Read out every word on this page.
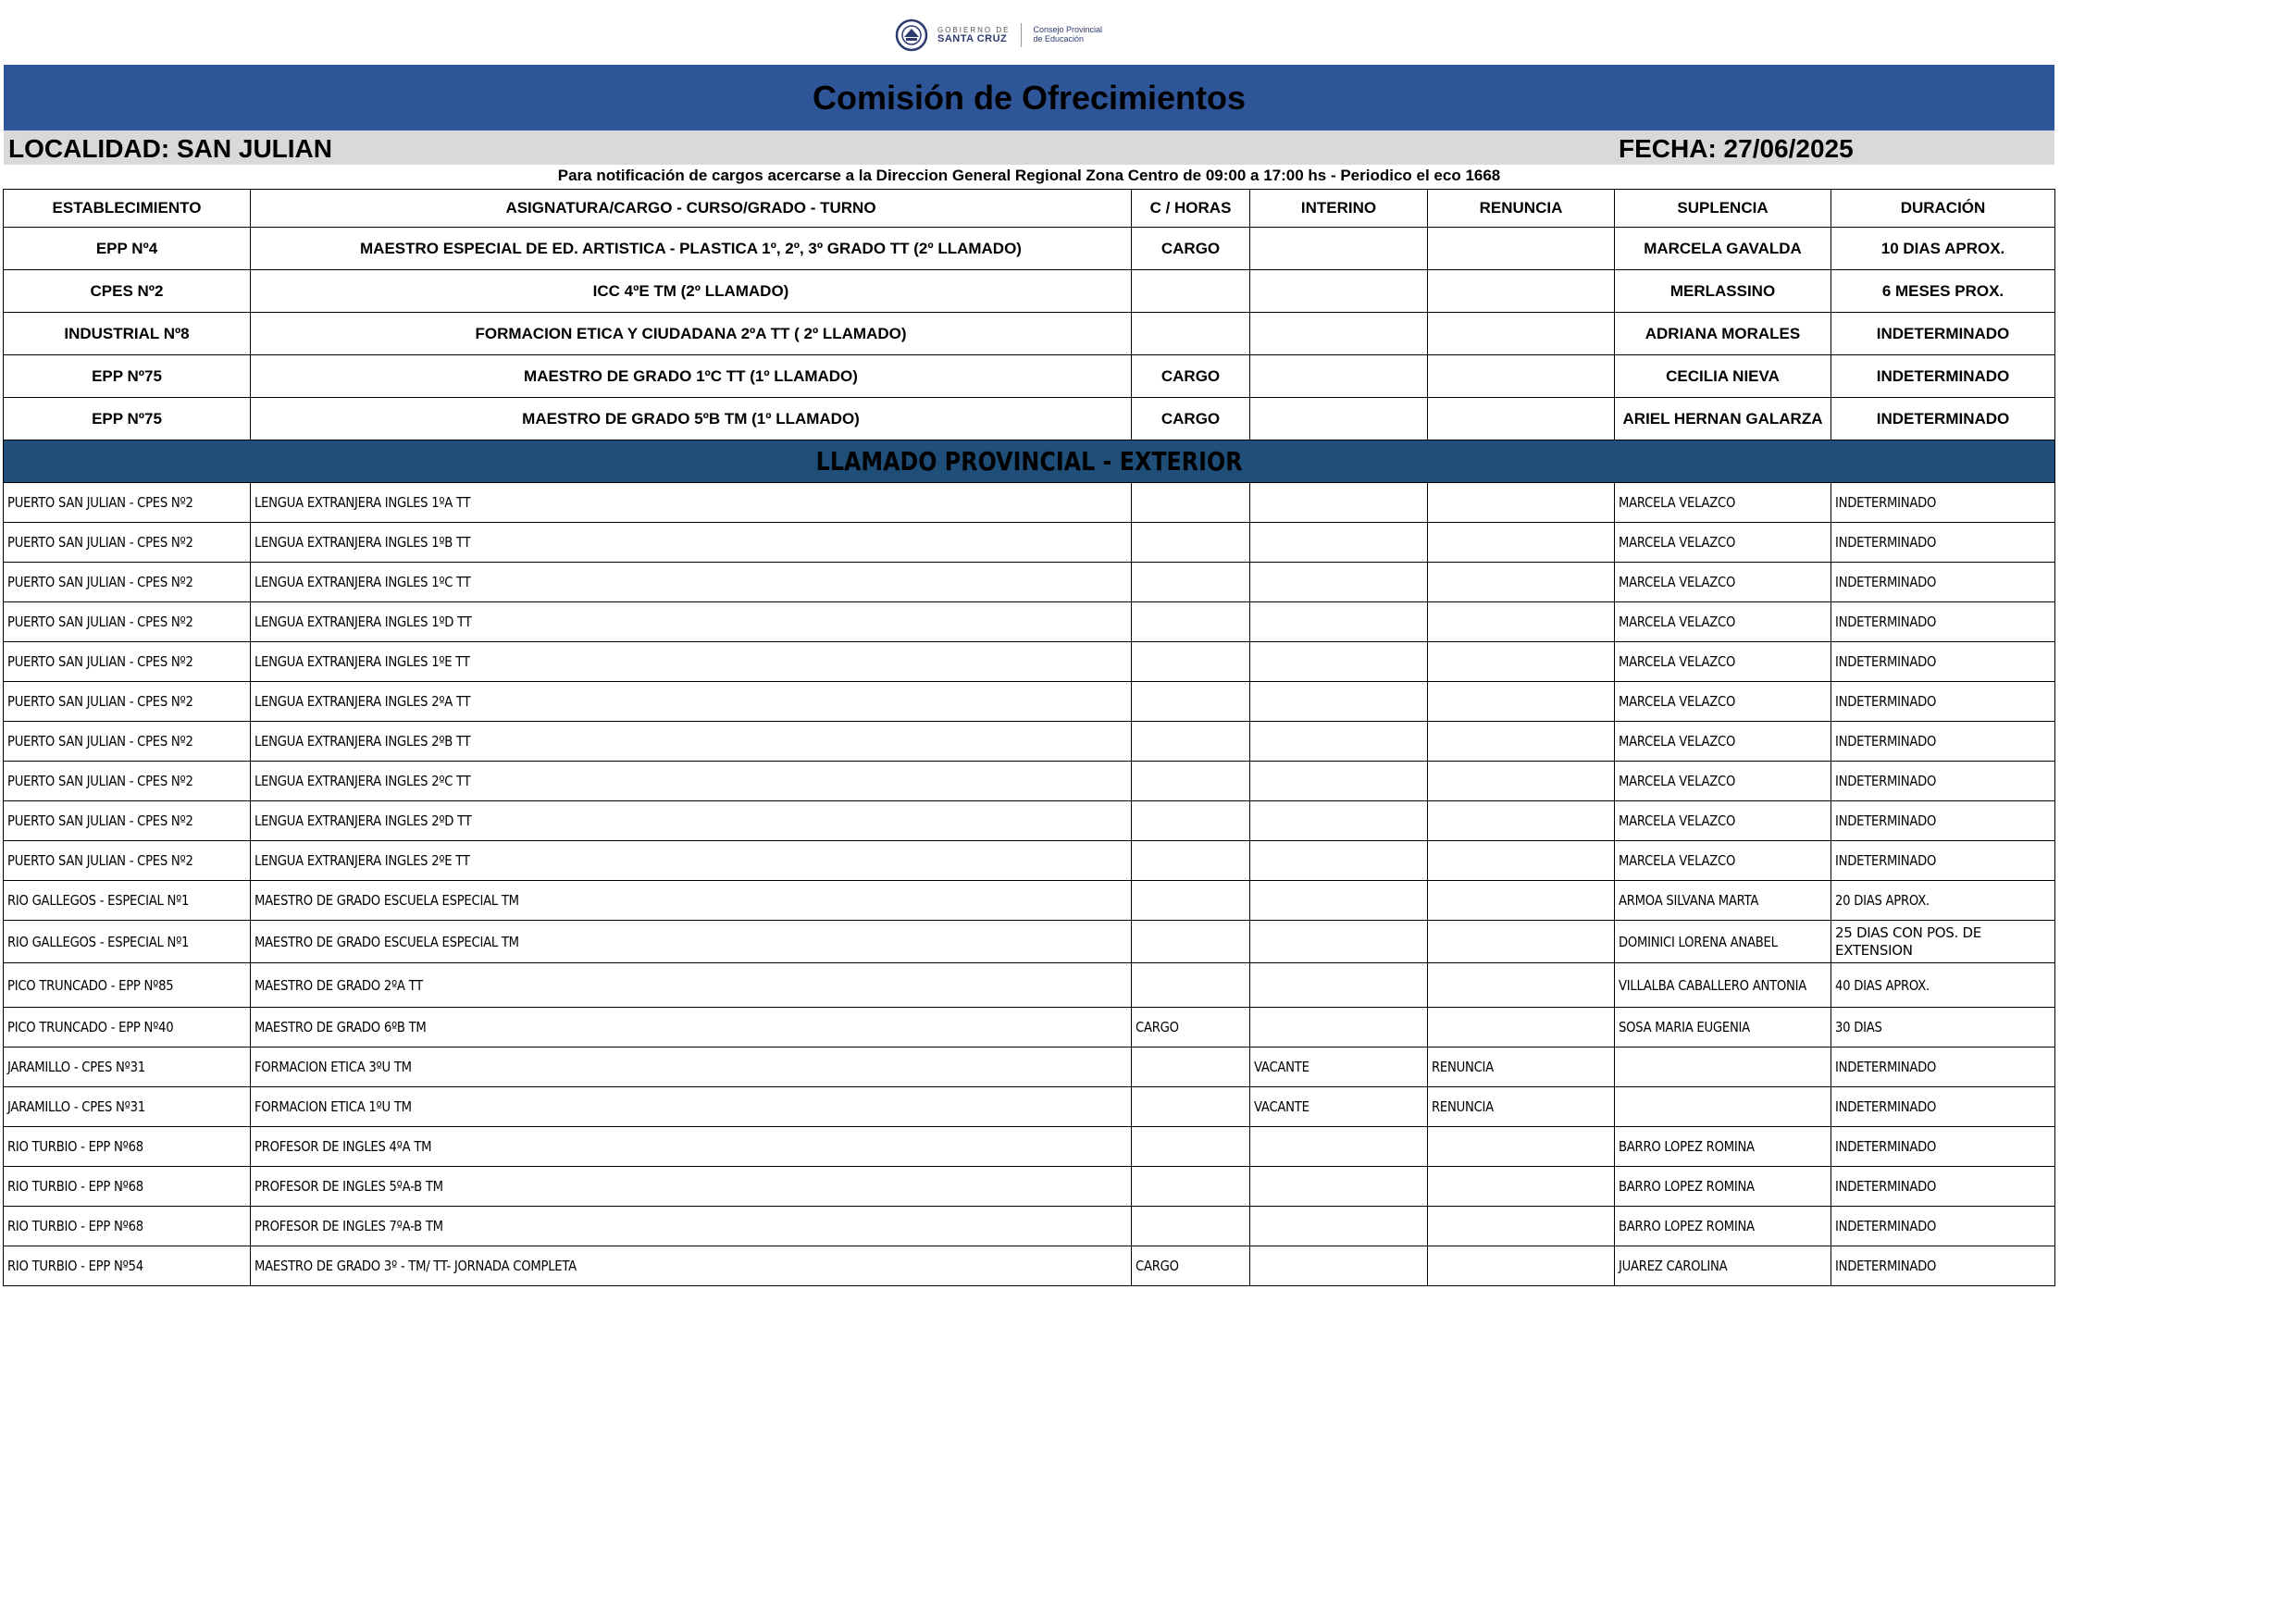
GOBIERNO DE
SANTA CRUZ
Consejo Provincial
de Educación
Comisión de Ofrecimientos
LOCALIDAD: SAN JULIAN	FECHA: 27/06/2025
Para notificación de cargos acercarse a la Direccion General Regional Zona Centro de 09:00 a 17:00 hs - Periodico el eco 1668
ESTABLECIMIENTO	ASIGNATURA/CARGO - CURSO/GRADO - TURNO	C / HORAS	INTERINO	RENUNCIA	SUPLENCIA	DURACIÓN
EPP Nº4	MAESTRO ESPECIAL DE ED. ARTISTICA - PLASTICA 1º, 2º, 3º GRADO TT (2º LLAMADO)	CARGO			MARCELA GAVALDA	10 DIAS APROX.
CPES Nº2	ICC 4ºE TM (2º LLAMADO)				MERLASSINO	6 MESES PROX.
INDUSTRIAL Nº8	FORMACION ETICA Y CIUDADANA 2ºA TT ( 2º LLAMADO)				ADRIANA MORALES	INDETERMINADO
EPP Nº75	MAESTRO DE GRADO 1ºC TT (1º LLAMADO)	CARGO			CECILIA NIEVA	INDETERMINADO
EPP Nº75	MAESTRO DE GRADO 5ºB TM (1º LLAMADO)	CARGO			ARIEL HERNAN GALARZA	INDETERMINADO
LLAMADO PROVINCIAL - EXTERIOR						
PUERTO SAN JULIAN - CPES Nº2	LENGUA EXTRANJERA INGLES 1ºA TT				MARCELA VELAZCO	INDETERMINADO
PUERTO SAN JULIAN - CPES Nº2	LENGUA EXTRANJERA INGLES 1ºB TT				MARCELA VELAZCO	INDETERMINADO
PUERTO SAN JULIAN - CPES Nº2	LENGUA EXTRANJERA INGLES 1ºC TT				MARCELA VELAZCO	INDETERMINADO
PUERTO SAN JULIAN - CPES Nº2	LENGUA EXTRANJERA INGLES 1ºD TT				MARCELA VELAZCO	INDETERMINADO
PUERTO SAN JULIAN - CPES Nº2	LENGUA EXTRANJERA INGLES 1ºE TT				MARCELA VELAZCO	INDETERMINADO
PUERTO SAN JULIAN - CPES Nº2	LENGUA EXTRANJERA INGLES 2ºA TT				MARCELA VELAZCO	INDETERMINADO
PUERTO SAN JULIAN - CPES Nº2	LENGUA EXTRANJERA INGLES 2ºB TT				MARCELA VELAZCO	INDETERMINADO
PUERTO SAN JULIAN - CPES Nº2	LENGUA EXTRANJERA INGLES 2ºC TT				MARCELA VELAZCO	INDETERMINADO
PUERTO SAN JULIAN - CPES Nº2	LENGUA EXTRANJERA INGLES 2ºD TT				MARCELA VELAZCO	INDETERMINADO
PUERTO SAN JULIAN - CPES Nº2	LENGUA EXTRANJERA INGLES 2ºE TT				MARCELA VELAZCO	INDETERMINADO
RIO GALLEGOS - ESPECIAL Nº1	MAESTRO DE GRADO ESCUELA ESPECIAL TM				ARMOA SILVANA MARTA	20 DIAS APROX.
RIO GALLEGOS - ESPECIAL Nº1	MAESTRO DE GRADO ESCUELA ESPECIAL TM				DOMINICI LORENA ANABEL	25 DIAS CON POS. DE EXTENSION
PICO TRUNCADO - EPP Nº85	MAESTRO DE GRADO 2ºA TT				VILLALBA CABALLERO ANTONIA	40 DIAS APROX.
PICO TRUNCADO - EPP Nº40	MAESTRO DE GRADO 6ºB TM	CARGO			SOSA MARIA EUGENIA	30 DIAS
JARAMILLO - CPES Nº31	FORMACION ETICA 3ºU TM		VACANTE	RENUNCIA		INDETERMINADO
JARAMILLO - CPES Nº31	FORMACION ETICA 1ºU TM		VACANTE	RENUNCIA		INDETERMINADO
RIO TURBIO - EPP Nº68	PROFESOR DE INGLES 4ºA TM				BARRO LOPEZ ROMINA	INDETERMINADO
RIO TURBIO - EPP Nº68	PROFESOR DE INGLES 5ºA-B TM				BARRO LOPEZ ROMINA	INDETERMINADO
RIO TURBIO - EPP Nº68	PROFESOR DE INGLES 7ºA-B TM				BARRO LOPEZ ROMINA	INDETERMINADO
RIO TURBIO - EPP Nº54	MAESTRO DE GRADO 3º - TM/ TT- JORNADA COMPLETA	CARGO			JUAREZ CAROLINA	INDETERMINADO
